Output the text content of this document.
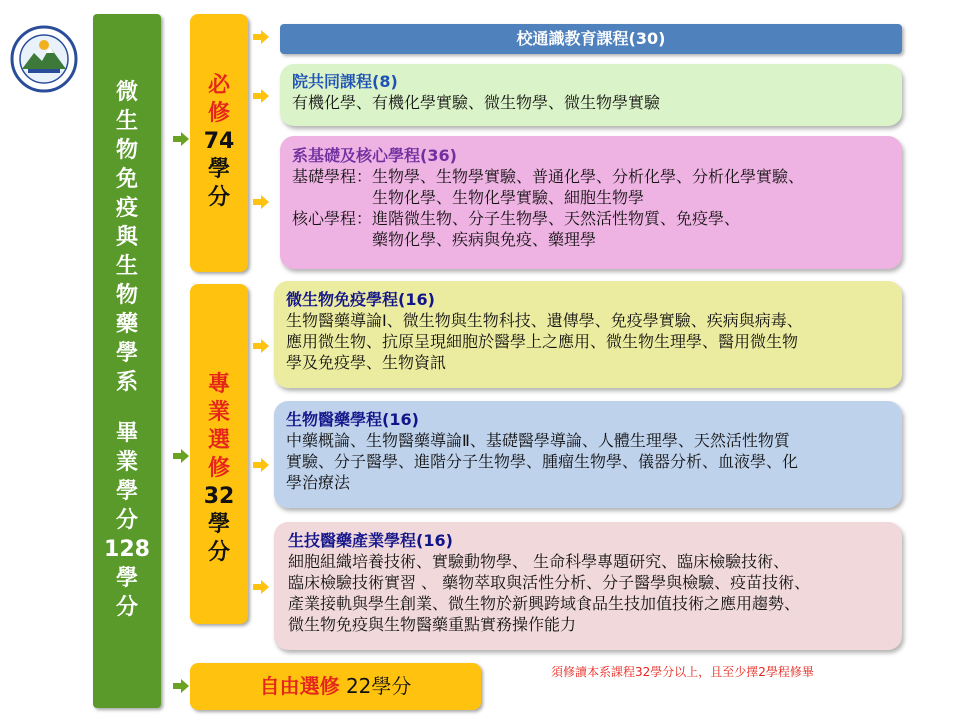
微
生
物
免
疫
與
生
物
藥
學
系
畢
業
學
分
128
學
分
必
修
74
學
分
專
業
選
修
32
學
分
校通識教育課程(30)
院共同課程(8)
有機化學、有機化學實驗、微生物學、微生物學實驗
系基礎及核心學程(36)
基礎學程： 生物學、生物學實驗、普通化學、分析化學、分析化學實驗、
生物化學、生物化學實驗、細胞生物學
核心學程： 進階微生物、分子生物學、天然活性物質、免疫學、
藥物化學、疾病與免疫、藥理學
微生物免疫學程(16)
生物醫藥導論Ⅰ、微生物與生物科技、遺傳學、免疫學實驗、疾病與病毒、
應用微生物、抗原呈現細胞於醫學上之應用、微生物生理學、醫用微生物
學及免疫學、生物資訊
生物醫藥學程(16)
中藥概論、生物醫藥導論Ⅱ、基礎醫學導論、人體生理學、天然活性物質
實驗、分子醫學、進階分子生物學、腫瘤生物學、儀器分析、血液學、化
學治療法
生技醫藥產業學程(16)
細胞組織培養技術、實驗動物學、 生命科學專題研究、臨床檢驗技術、
臨床檢驗技術實習 、 藥物萃取與活性分析、分子醫學與檢驗、疫苗技術、
產業接軌與學生創業、微生物於新興跨域食品生技加值技術之應用趨勢、
微生物免疫與生物醫藥重點實務操作能力
自由選修 22學分
須修讀本系課程32學分以上，且至少擇2學程修畢
